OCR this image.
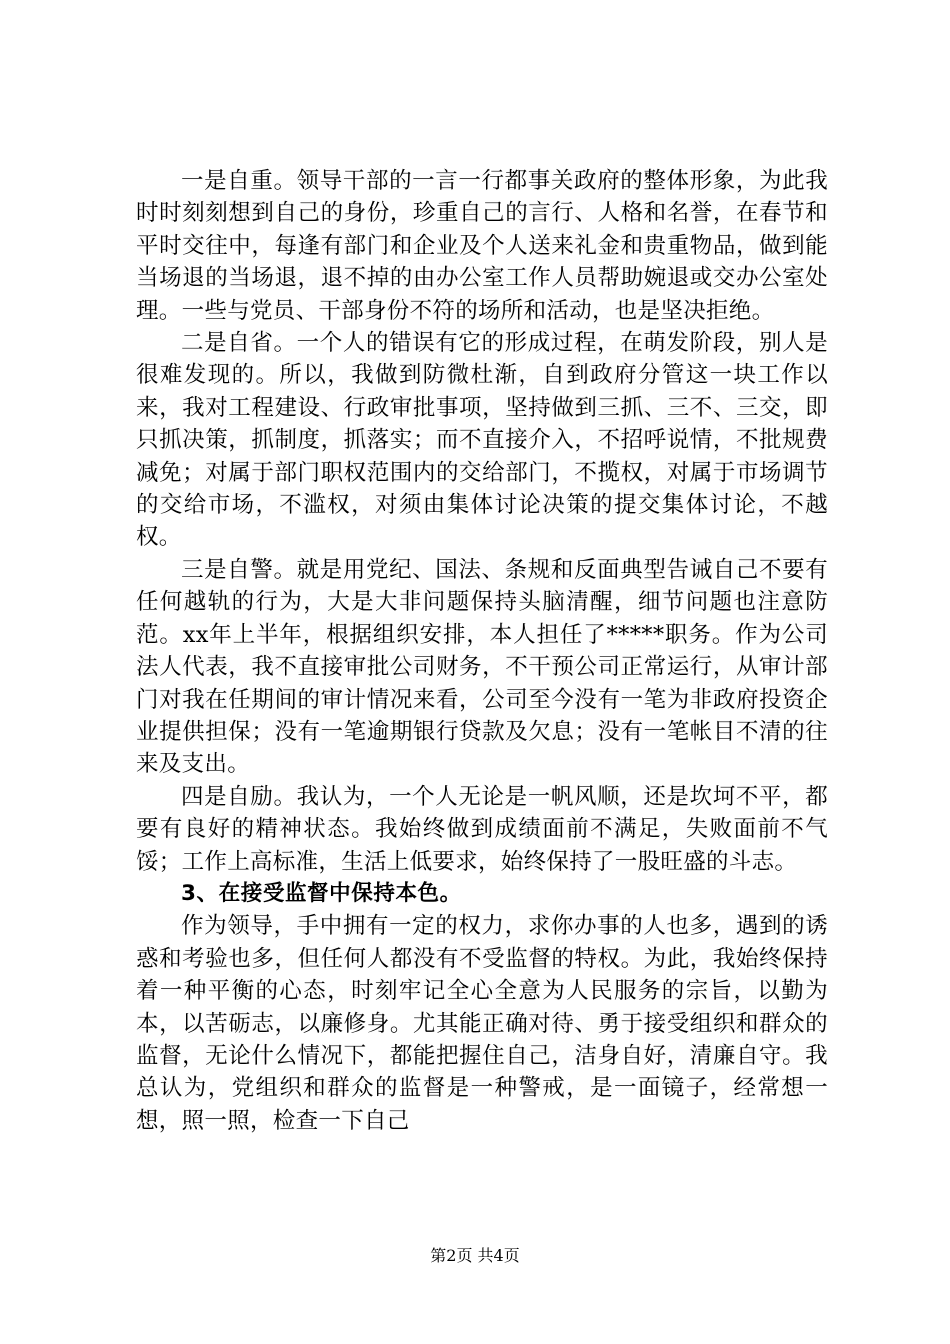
一是自重。领导干部的一言一行都事关政府的整体形象，为此我时时刻刻想到自己的身份，珍重自己的言行、人格和名誉，在春节和平时交往中，每逢有部门和企业及个人送来礼金和贵重物品，做到能当场退的当场退，退不掉的由办公室工作人员帮助婉退或交办公室处理。一些与党员、干部身份不符的场所和活动，也是坚决拒绝。

二是自省。一个人的错误有它的形成过程，在萌发阶段，别人是很难发现的。所以，我做到防微杜渐，自到政府分管这一块工作以来，我对工程建设、行政审批事项，坚持做到三抓、三不、三交，即只抓决策，抓制度，抓落实；而不直接介入，不招呼说情，不批规费减免；对属于部门职权范围内的交给部门，不揽权，对属于市场调节的交给市场，不滥权，对须由集体讨论决策的提交集体讨论，不越权。

三是自警。就是用党纪、国法、条规和反面典型告诫自己不要有任何越轨的行为，大是大非问题保持头脑清醒，细节问题也注意防范。xx年上半年，根据组织安排，本人担任了*****职务。作为公司法人代表，我不直接审批公司财务，不干预公司正常运行，从审计部门对我在任期间的审计情况来看，公司至今没有一笔为非政府投资企业提供担保；没有一笔逾期银行贷款及欠息；没有一笔帐目不清的往来及支出。

四是自励。我认为，一个人无论是一帆风顺，还是坎坷不平，都要有良好的精神状态。我始终做到成绩面前不满足，失败面前不气馁；工作上高标准，生活上低要求，始终保持了一股旺盛的斗志。

3、在接受监督中保持本色。

作为领导，手中拥有一定的权力，求你办事的人也多，遇到的诱惑和考验也多，但任何人都没有不受监督的特权。为此，我始终保持着一种平衡的心态，时刻牢记全心全意为人民服务的宗旨，以勤为本，以苦砺志，以廉修身。尤其能正确对待、勇于接受组织和群众的监督，无论什么情况下，都能把握住自己，洁身自好，清廉自守。我总认为，党组织和群众的监督是一种警戒，是一面镜子，经常想一想，照一照，检查一下自己

第2页 共4页
